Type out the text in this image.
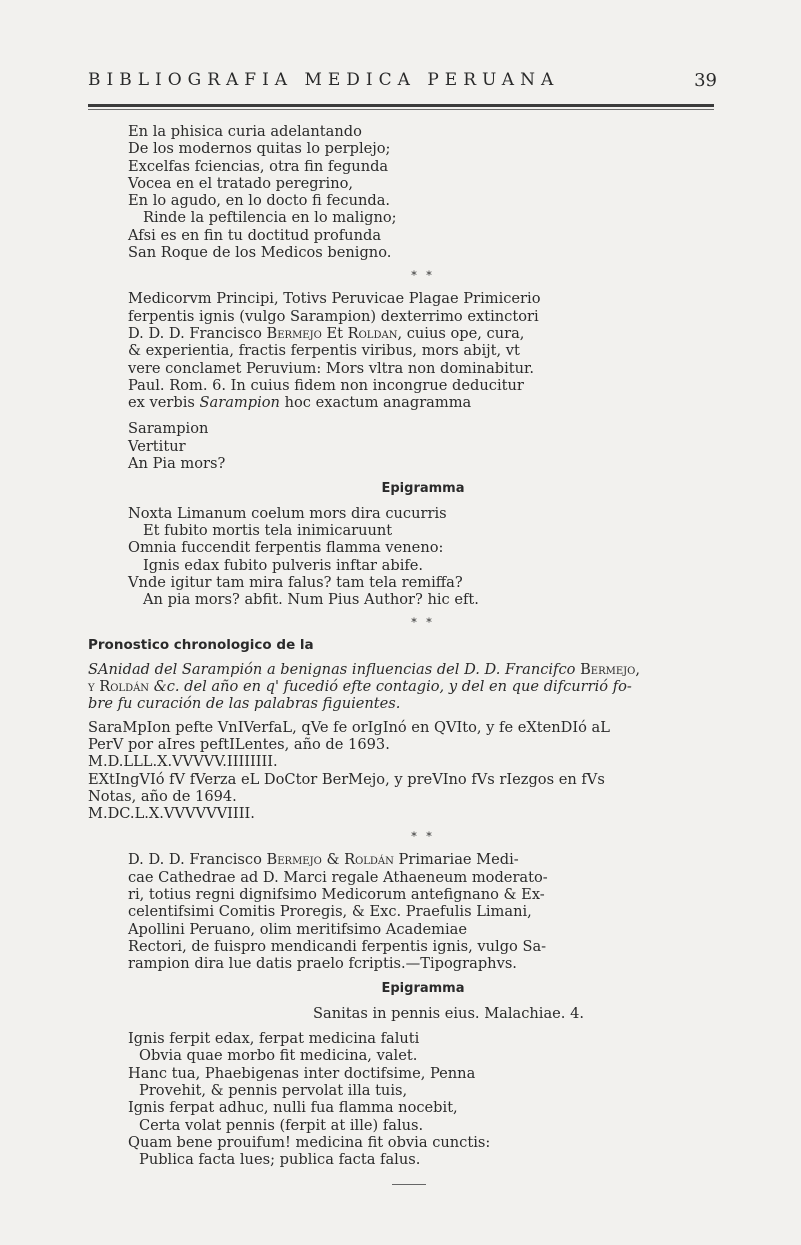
BIBLIOGRAFIA MEDICA PERUANA	39

En la phisica curia adelantando

De los modernos quitas lo perplejo;

Excelfas fciencias, otra fin fegunda

Vocea en el tratado peregrino,

En lo agudo, en lo docto fi fecunda.

Rinde la peftilencia en lo maligno;

Afsi es en fin tu doctitud profunda

San Roque de los Medicos benigno.

* *

Medicorvm Principi, Totivs Peruvicae Plagae Primicerio

ferpentis ignis (vulgo Sarampion) dexterrimo extinctori

D. D. D. Francisco Bermejo Et Roldan, cuius ope, cura,

& experientia, fractis ferpentis viribus, mors abijt, vt

vere conclamet Peruvium: Mors vltra non dominabitur.

Paul. Rom. 6. In cuius fidem non incongrue deducitur

ex verbis Sarampion hoc exactum anagramma

Sarampion

Vertitur

An Pia mors?

Epigramma

Noxta Limanum coelum mors dira cucurris

Et fubito mortis tela inimicaruunt

Omnia fuccendit ferpentis flamma veneno:

Ignis edax fubito pulveris inftar abife.

Vnde igitur tam mira falus? tam tela remiffa?

An pia mors? abfit. Num Pius Author? hic eft.

* *
Pronostico chronologico de la

SAnidad del Sarampión a benignas influencias del D. D. Francifco Bermejo,

y Roldán &c. del año en q' fucedió efte contagio, y del en que difcurrió fo-

bre fu curación de las palabras figuientes.

SaraMpIon pefte VnIVerfaL, qVe fe orIgInó en QVIto, y fe eXtenDIó aL

PerV por aIres peftILentes, año de 1693.

M.D.LLL.X.VVVVV.IIIIIIII.

EXtIngVIó fV fVerza eL DoCtor BerMejo, y preVIno fVs rIezgos en fVs

Notas, año de 1694.

M.DC.L.X.VVVVVVIIII.

* *

D. D. D. Francisco Bermejo & Roldán Primariae Medi-

cae Cathedrae ad D. Marci regale Athaeneum moderato-

ri, totius regni dignifsimo Medicorum antefignano & Ex-

celentifsimi Comitis Proregis, & Exc. Praefulis Limani,

Apollini Peruano, olim meritifsimo Academiae

Rectori, de fuispro mendicandi ferpentis ignis, vulgo Sa-

rampion dira lue datis praelo fcriptis.—Tipographvs.

Epigramma

Sanitas in pennis eius. Malachiae. 4.

Ignis ferpit edax, ferpat medicina faluti

Obvia quae morbo fit medicina, valet.

Hanc tua, Phaebigenas inter doctifsime, Penna

Provehit, & pennis pervolat illa tuis,

Ignis ferpat adhuc, nulli fua flamma nocebit,

Certa volat pennis (ferpit at ille) falus.

Quam bene prouifum! medicina fit obvia cunctis:

Publica facta lues; publica facta falus.
